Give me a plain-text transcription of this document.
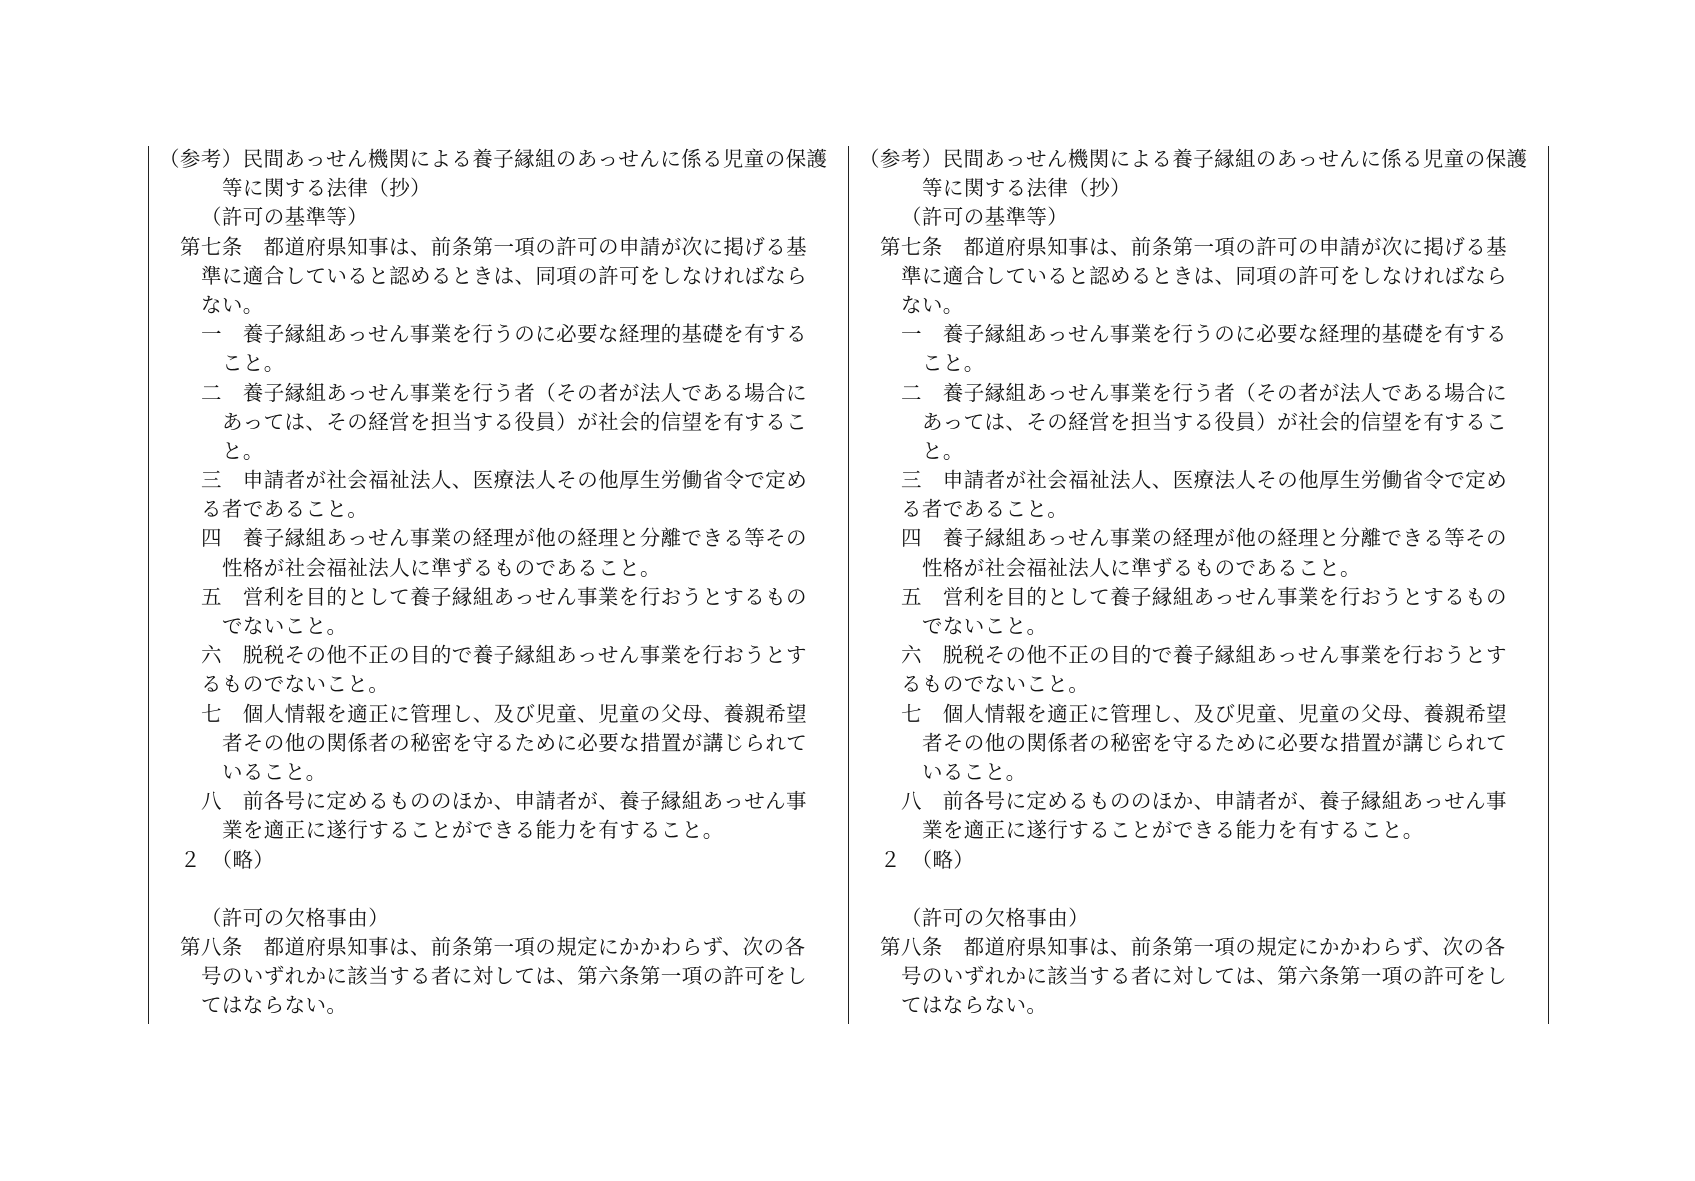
（参考）民間あっせん機関による養子縁組のあっせんに係る児童の保護
等に関する法律（抄）
（許可の基準等）
第七条　都道府県知事は、前条第一項の許可の申請が次に掲げる基
準に適合していると認めるときは、同項の許可をしなければなら
ない。
一　養子縁組あっせん事業を行うのに必要な経理的基礎を有する
こと。
二　養子縁組あっせん事業を行う者（その者が法人である場合に
あっては、その経営を担当する役員）が社会的信望を有するこ
と。
三　申請者が社会福祉法人、医療法人その他厚生労働省令で定め
る者であること。
四　養子縁組あっせん事業の経理が他の経理と分離できる等その
性格が社会福祉法人に準ずるものであること。
五　営利を目的として養子縁組あっせん事業を行おうとするもの
でないこと。
六　脱税その他不正の目的で養子縁組あっせん事業を行おうとす
るものでないこと。
七　個人情報を適正に管理し、及び児童、児童の父母、養親希望
者その他の関係者の秘密を守るために必要な措置が講じられて
いること。
八　前各号に定めるもののほか、申請者が、養子縁組あっせん事
業を適正に遂行することができる能力を有すること。
２　（略）
（許可の欠格事由）
第八条　都道府県知事は、前条第一項の規定にかかわらず、次の各
号のいずれかに該当する者に対しては、第六条第一項の許可をし
てはならない。
（参考）民間あっせん機関による養子縁組のあっせんに係る児童の保護
等に関する法律（抄）
（許可の基準等）
第七条　都道府県知事は、前条第一項の許可の申請が次に掲げる基
準に適合していると認めるときは、同項の許可をしなければなら
ない。
一　養子縁組あっせん事業を行うのに必要な経理的基礎を有する
こと。
二　養子縁組あっせん事業を行う者（その者が法人である場合に
あっては、その経営を担当する役員）が社会的信望を有するこ
と。
三　申請者が社会福祉法人、医療法人その他厚生労働省令で定め
る者であること。
四　養子縁組あっせん事業の経理が他の経理と分離できる等その
性格が社会福祉法人に準ずるものであること。
五　営利を目的として養子縁組あっせん事業を行おうとするもの
でないこと。
六　脱税その他不正の目的で養子縁組あっせん事業を行おうとす
るものでないこと。
七　個人情報を適正に管理し、及び児童、児童の父母、養親希望
者その他の関係者の秘密を守るために必要な措置が講じられて
いること。
八　前各号に定めるもののほか、申請者が、養子縁組あっせん事
業を適正に遂行することができる能力を有すること。
２　（略）
（許可の欠格事由）
第八条　都道府県知事は、前条第一項の規定にかかわらず、次の各
号のいずれかに該当する者に対しては、第六条第一項の許可をし
てはならない。
